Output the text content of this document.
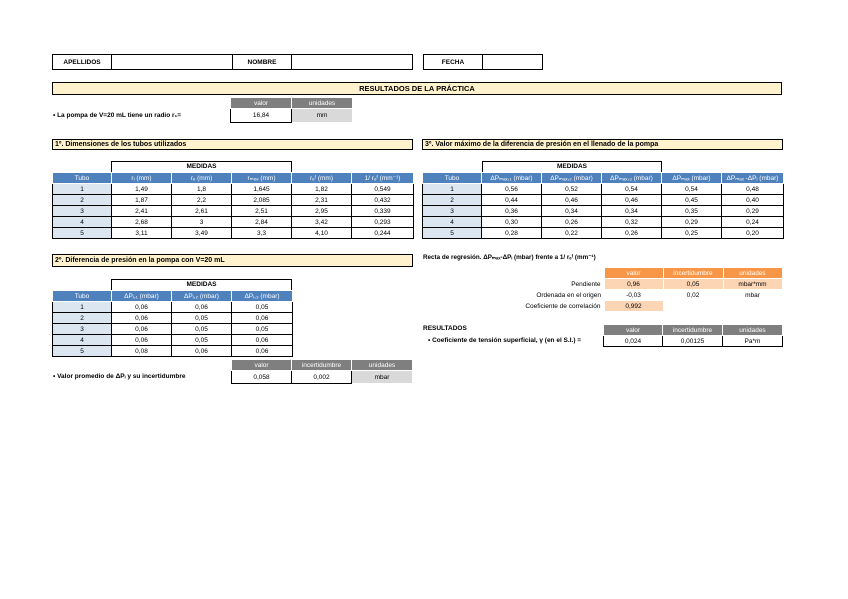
APELLIDOS	NOMBRE	FECHA
RESULTADOS DE LA PRÁCTICA
valor	unidades
16,84	mm
• La pompa de V=20 mL tiene un radio r₁=
1º. Dimensiones de los tubos utilizados
MEDIDAS
Tubo	rᵢ (mm)	rₑ (mm)	rₘₑₔ (mm)	rₑᶠ (mm)	1/ rₑᶠ (mm⁻¹)
1	1,49	1,8	1,645	1,82	0,549
2	1,87	2,2	2,085	2,31	0,432
3	2,41	2,61	2,51	2,95	0,339
4	2,68	3	2,84	3,42	0,293
5	3,11	3,49	3,3	4,10	0,244
2º. Diferencia de presión en la pompa con V=20 mL
MEDIDAS
Tubo	ΔPᵢ,₁ (mbar)	ΔPᵢ,₂ (mbar)	ΔPᵢ,₃ (mbar)
1	0,06	0,06	0,05
2	0,06	0,05	0,06
3	0,06	0,05	0,05
4	0,06	0,05	0,06
5	0,08	0,06	0,06
valor	incertidumbre	unidades
0,058	0,002	mbar
• Valor promedio de ΔPᵢ y su incertidumbre
3º. Valor máximo de la diferencia de presión en el llenado de la pompa
MEDIDAS
Tubo	ΔPₘₐₓ,₁ (mbar)	ΔPₘₐₓ,₂ (mbar)	ΔPₘₐₓ,₃ (mbar)	ΔPₘₐₓ (mbar)	ΔPₘₐₓ -ΔPᵢ (mbar)
1	0,56	0,52	0,54	0,54	0,48
2	0,44	0,46	0,46	0,45	0,40
3	0,36	0,34	0,34	0,35	0,29
4	0,30	0,26	0,32	0,29	0,24
5	0,28	0,22	0,26	0,25	0,20
Recta de regresión. ΔPₘₐₓ-ΔPᵢ (mbar) frente a 1/ rₑᶠ (mm⁻¹)
	valor	incertidumbre	unidades
Pendiente	0,96	0,05	mbar*mm
Ordenada en el origen	-0,03	0,02	mbar
Coeficiente de correlación	0,992		
RESULTADOS	valor	incertidumbre	unidades
0,024	0,00125	Pa*m
• Coeficiente de tensión superficial, γ (en el S.I.) =
